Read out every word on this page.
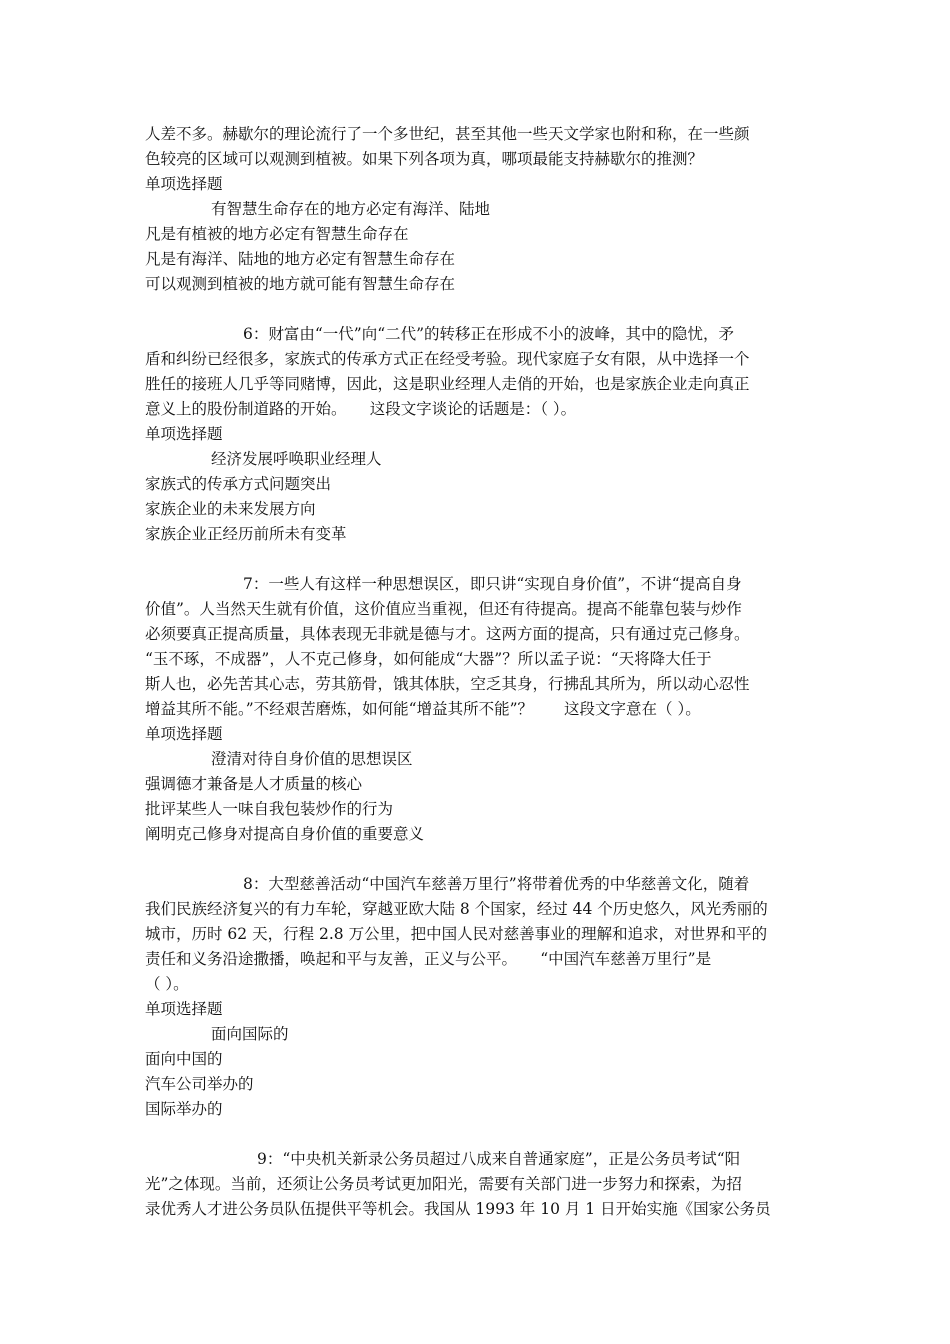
人差不多。赫歇尔的理论流行了一个多世纪，甚至其他一些天文学家也附和称，在一些颜

色较亮的区域可以观测到植被。如果下列各项为真，哪项最能支持赫歇尔的推测？

单项选择题

有智慧生命存在的地方必定有海洋、陆地

凡是有植被的地方必定有智慧生命存在

凡是有海洋、陆地的地方必定有智慧生命存在

可以观测到植被的地方就可能有智慧生命存在

6：财富由“一代”向“二代”的转移正在形成不小的波峰，其中的隐忧，矛

盾和纠纷已经很多，家族式的传承方式正在经受考验。现代家庭子女有限，从中选择一个

胜任的接班人几乎等同赌博，因此，这是职业经理人走俏的开始，也是家族企业走向真正

意义上的股份制道路的开始。　　这段文字谈论的话题是：（ ）。

单项选择题

经济发展呼唤职业经理人

家族式的传承方式问题突出

家族企业的未来发展方向

家族企业正经历前所未有变革

7：一些人有这样一种思想误区，即只讲“实现自身价值”，不讲“提高自身

价值”。人当然天生就有价值，这价值应当重视，但还有待提高。提高不能靠包装与炒作

必须要真正提高质量，具体表现无非就是德与才。这两方面的提高，只有通过克己修身。

“玉不琢，不成器”，人不克己修身，如何能成“大器”？所以孟子说：“天将降大任于

斯人也，必先苦其心志，劳其筋骨，饿其体肤，空乏其身，行拂乱其所为，所以动心忍性

增益其所不能。”不经艰苦磨炼，如何能“增益其所不能”？　　这段文字意在（ ）。

单项选择题

澄清对待自身价值的思想误区

强调德才兼备是人才质量的核心

批评某些人一味自我包装炒作的行为

阐明克己修身对提高自身价值的重要意义

8：大型慈善活动“中国汽车慈善万里行”将带着优秀的中华慈善文化，随着

我们民族经济复兴的有力车轮，穿越亚欧大陆 8 个国家，经过 44 个历史悠久，风光秀丽的

城市，历时 62 天，行程 2.8 万公里，把中国人民对慈善事业的理解和追求，对世界和平的

责任和义务沿途撒播，唤起和平与友善，正义与公平。　　“中国汽车慈善万里行”是

（ ）。

单项选择题

面向国际的

面向中国的

汽车公司举办的

国际举办的

9：“中央机关新录公务员超过八成来自普通家庭”，正是公务员考试“阳

光”之体现。当前，还须让公务员考试更加阳光，需要有关部门进一步努力和探索，为招

录优秀人才进公务员队伍提供平等机会。我国从 1993 年 10 月 1 日开始实施《国家公务员
